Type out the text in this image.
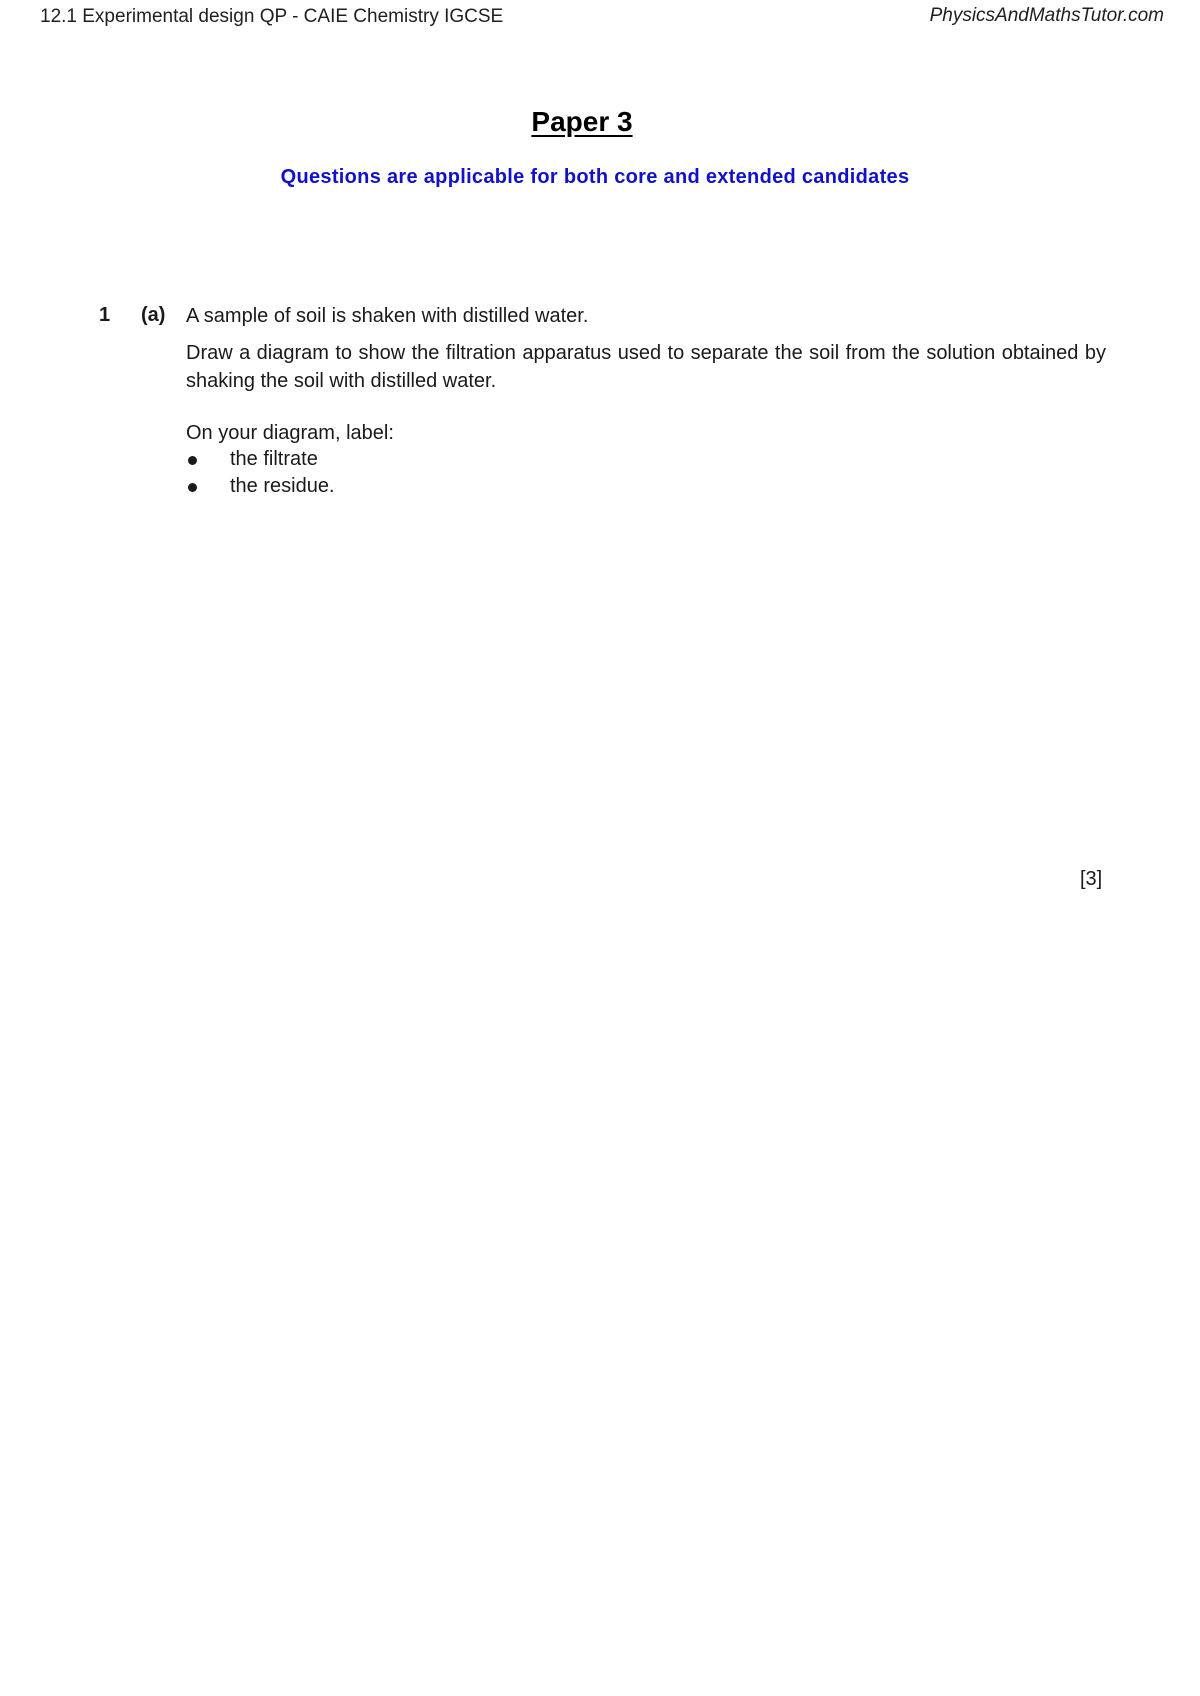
12.1 Experimental design QP - CAIE Chemistry IGCSE	PhysicsAndMathsTutor.com
Paper 3
Questions are applicable for both core and extended candidates
1 (a) A sample of soil is shaken with distilled water.
Draw a diagram to show the filtration apparatus used to separate the soil from the solution obtained by shaking the soil with distilled water.
On your diagram, label:
the filtrate
the residue.
[3]
